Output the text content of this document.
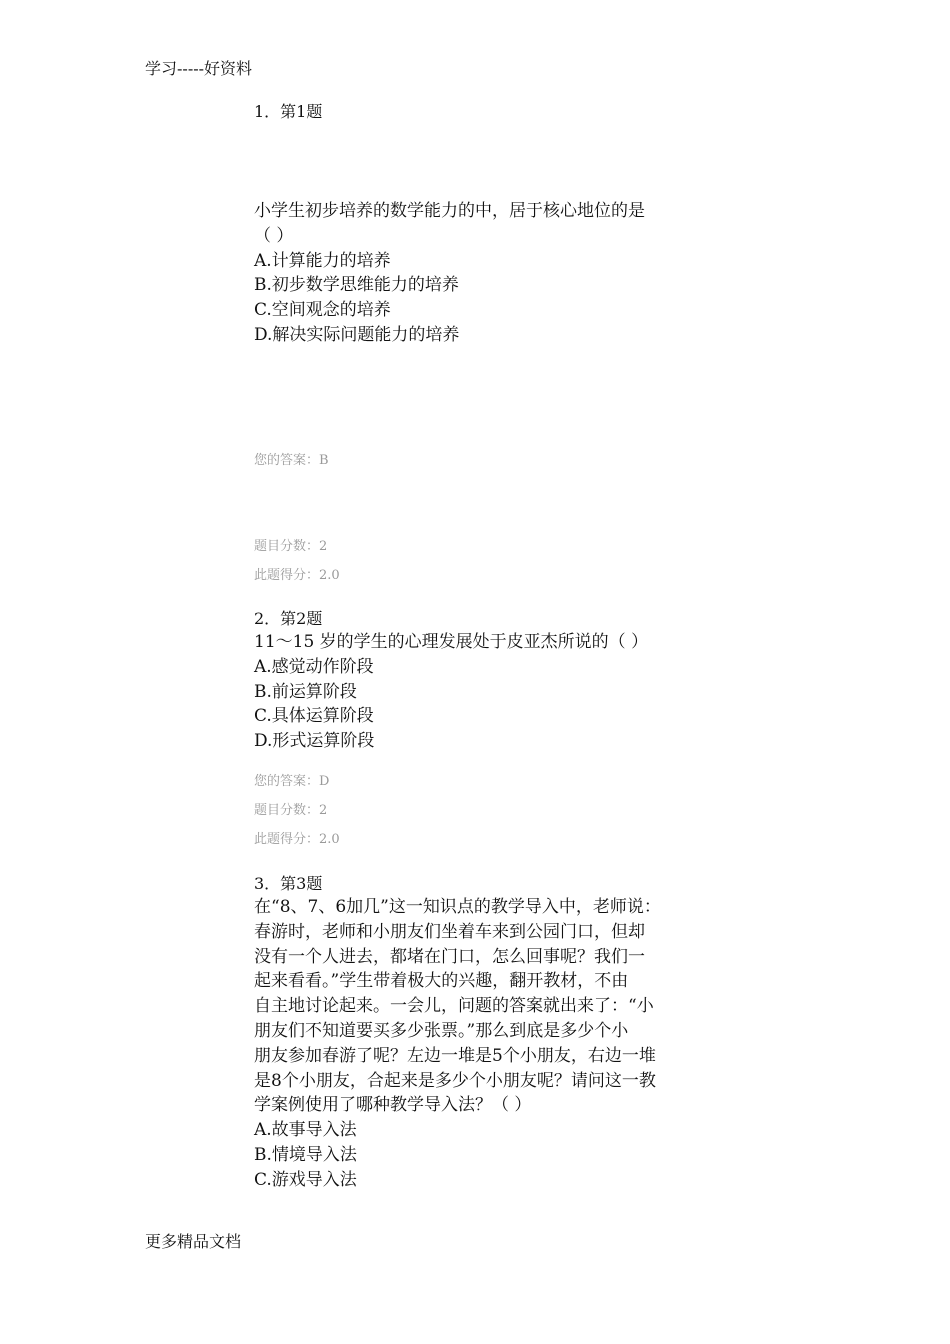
学习-----好资料

1．第1题

小学生初步培养的数学能力的中，居于核心地位的是

（ ）

A.计算能力的培养

B.初步数学思维能力的培养

C.空间观念的培养

D.解决实际问题能力的培养

您的答案：B
题目分数：2
此题得分：2.0

2．第2题

11～15 岁的学生的心理发展处于皮亚杰所说的（ ）

A.感觉动作阶段

B.前运算阶段

C.具体运算阶段

D.形式运算阶段

您的答案：D
题目分数：2
此题得分：2.0

3．第3题

在“8、7、6加几”这一知识点的教学导入中，老师说：

春游时，老师和小朋友们坐着车来到公园门口，但却

没有一个人进去，都堵在门口，怎么回事呢？我们一

起来看看。”学生带着极大的兴趣，翻开教材，不由

自主地讨论起来。一会儿，问题的答案就出来了：“小

朋友们不知道要买多少张票。”那么到底是多少个小

朋友参加春游了呢？左边一堆是5个小朋友，右边一堆

是8个小朋友，合起来是多少个小朋友呢？请问这一教

学案例使用了哪种教学导入法？（ ）

A.故事导入法

B.情境导入法

C.游戏导入法

更多精品文档
